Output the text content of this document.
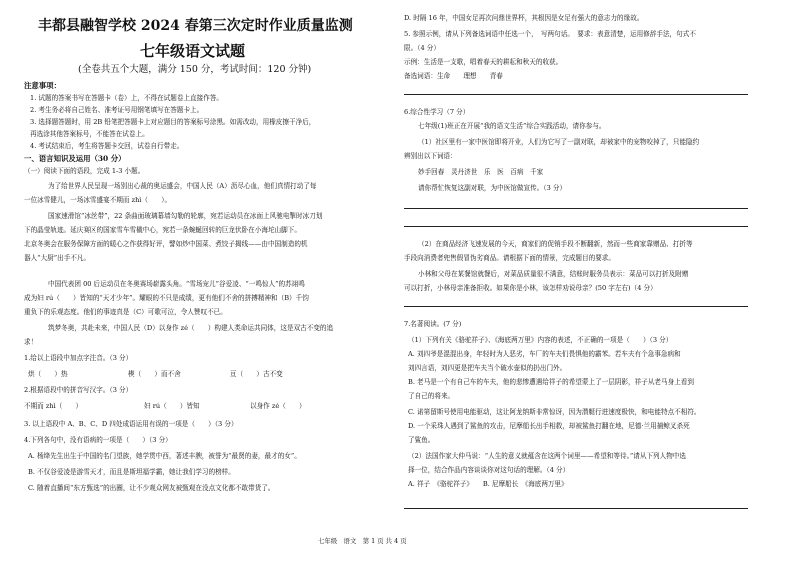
丰都县融智学校 2024 春第三次定时作业质量监测
七年级语文试题
(全卷共五个大题，满分 150 分，考试时间：120 分钟)
注意事项：
1. 试题的答案书写在答题卡（卷）上，不得在试题卷上直接作答。
2. 考生务必将自己姓名、准考证号用钢笔填写在答题卡上。
3. 选择题答题时，用 2B 铅笔把答题卡上对应题目的答案标号涂黑。如需改动，用橡皮擦干净后，
再选涂其他答案标号，不能答在试卷上。
4. 考试结束后，考生将答题卡交回，试卷自行带走。
一、语言知识及运用（30 分）
（一）阅读下面的语段，完成 1-3 小题。
为了给世界人民呈现一场别出心裁的奥运盛会，中国人民（A）沥尽心血，他们真情打动了每
一位冰雪健儿，一场冰雪盛宴不期而 zhì（　　）。
国家速滑馆“冰丝带”，22 条曲面玻璃幕墙勾勒的轮廓，宛若运动员在冰面上风驰电掣时冰刀划
下的晶莹轨迹。延庆赛区的国家雪车雪橇中心，宛若一条蜿蜒回转的巨龙伏卧在小海坨山脚下。
北京冬奥会在服务保障方面的暖心之作获得好评，譬如炒中国菜、煮饺子揭线——由中国制造的机
器人“大厨”出手不凡。
中国代表团 00 后运动员在冬奥赛场崭露头角。“雪场宠儿”谷爱凌、“一鸣惊人”的苏翊鸣
成为妇 rú（　　）皆知的“天才少年”。耀眼的不只是成绩，更有他们不舍的拼搏精神和（B）千钧
重负下的乐观态度。他们的事迹真是（C）可歌可泣，令人赞叹不已。
筑梦冬奥，共赴未来，中国人民（D）以身作 zé（　　）构建人类命运共同体，这是双古不变的追
求！
1.给以上语段中加点字注音。（3 分）
烘（　　）热	楔（　　）而不舍	亘（　　）古不变
2.根据语段中的拼音写汉字。（3 分）
不期而 zhì（　　）	妇 rú（　　）皆知	以身作 zé（　　）
3. 以上语段中 A、B、C、D 四处成语运用有误的一项是（　　）（3 分）
4.下列各句中，没有语病的一项是（　　）（3 分）
A. 杨绛先生出生于中国的名门望族，她学贯中西，著述丰腴，被誉为“最贤的妻，最才的女”。
B. 不仅谷爱凌是游雪天才，而且是斯坦福学霸，她让我们学习的榜样。
C. 随着直播间“东方甄选”的出圈，让不少观众网友被甄观在没点文化都不敢带货了。
D. 时隔 16 年，中国女足再次问鼎世界杯，其根因是女足有强大的意志力的缘故。
5. 参照示例，请从下列备选词语中任选一个，　写两句话。　要求：表意清楚，运用修辞手法，句式不
限。（4 分）
示例：生活是一支歌，唱着春天的耕耘和秋天的收获。
备选词语：生命　　理想　　青春
6.综合性学习（7 分）
七年级(1)班正在开展“我的语文生活”综合实践活动，请你参与。
（1）社区里有一家中医馆即将开业，人们为它写了一副对联，却被家中的宠物咬掉了，只能隐约
辨别出以下词语：
妙手回春　灵丹济世　乐　医　百病　千家
请你帮忙恢复这副对联，为中医馆做宣传。（3 分）
（2）在商品经济飞速发展的今天，商家们的促销手段不断翻新，然而一些商家靠赠品、打折等
手段向消费者兜售假冒伪劣商品。请根据下面的情景，完成题目的要求。
小林和父母在某餐馆就餐后，对菜品质量很不满意，结账时服务员表示：菜品可以打折及附赠
可以打折，小林母亲准备拒收。如果你是小林，该怎样劝说母亲？(50 字左右)（4 分）
7.名著阅读。(7 分)
（1）下列有关《骆驼祥子》、《海底两万里》内容的表述，不正确的一项是（　　）（3 分）
A. 刘四爷是混混出身，年轻时为人恶劣，车厂的车夫们畏惧他的霸苯。若车夫有个急事急病和
刘四言语，刘四更是把车夫当个破水壶似的扔出门外。
B. 老马是一个有自己车的车夫，他的悲惨遭遇给祥子的希望蒙上了一层阴影，祥子从老马身上看到
了自己的将来。
C. 诺第留斯号使用电能驱动，这让阿龙纳斯非常惊讶，因为潜艇行进速度极快，和电能特点不相符。
D. 一个采珠人遇到了鲨鱼的攻击，尼摩船长出手相救，却被鲨鱼打翻在地，尼德·兰用捕鲸叉杀死
了鲨鱼。
（2）法国作家大仲马说：“人生的意义就蕴含在这两个词里——希望和等待。”请从下列人物中选
择一位，结合作品内容谈谈你对这句话的理解。（4 分）
A. 祥子　《骆驼祥子》　　B. 尼摩船长　《海底两万里》
七年级　语文　第 1 页 共 4 页
